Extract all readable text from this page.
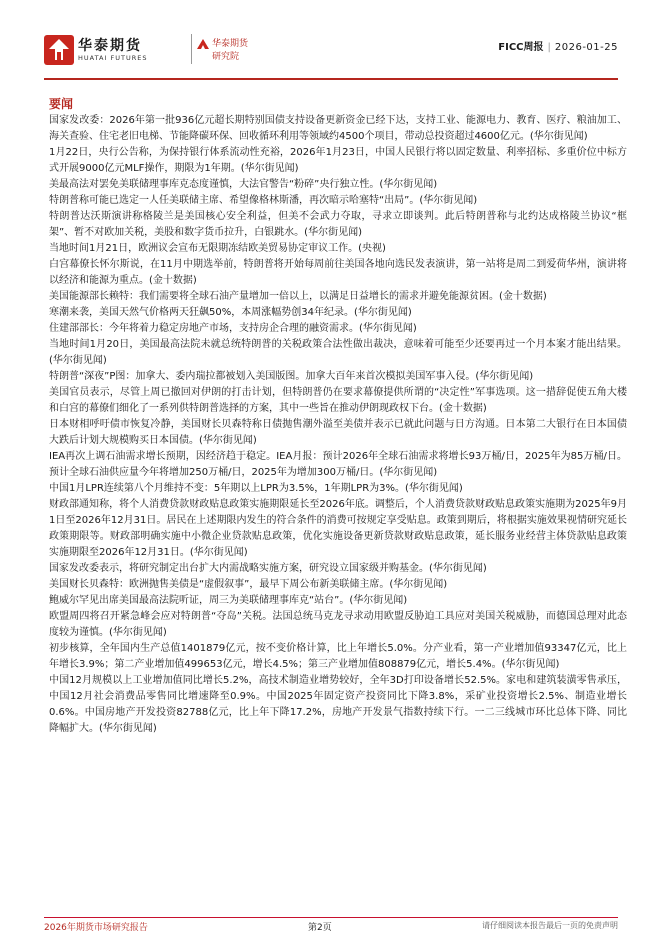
华泰期货
HUATAI FUTURES
华泰期货
研究院
FICC周报 | 2026-01-25
要闻

国家发改委：2026年第一批936亿元超长期特别国债支持设备更新资金已经下达，支持工业、能源电力、教育、医疗、粮油加工、海关查验、住宅老旧电梯、节能降碳环保、回收循环利用等领域约4500个项目，带动总投资超过4600亿元。(华尔街见闻)

1月22日，央行公告称，为保持银行体系流动性充裕，2026年1月23日，中国人民银行将以固定数量、利率招标、多重价位中标方式开展9000亿元MLF操作，期限为1年期。(华尔街见闻)

美最高法对罢免美联储理事库克态度谨慎，大法官警告“粉碎”央行独立性。(华尔街见闻)

特朗普称可能已选定一人任美联储主席、希望像格林斯潘，再次暗示哈塞特“出局”。(华尔街见闻)

特朗普达沃斯演讲称格陵兰是美国核心安全利益，但美不会武力夺取，寻求立即谈判。此后特朗普称与北约达成格陵兰协议“框架”、暂不对欧加关税，美股和数字货币拉升，白银跳水。(华尔街见闻)

当地时间1月21日，欧洲议会宣布无限期冻结欧美贸易协定审议工作。(央视)

白宫幕僚长怀尔斯说，在11月中期选举前，特朗普将开始每周前往美国各地向选民发表演讲，第一站将是周二到爱荷华州，演讲将以经济和能源为重点。(金十数据)

美国能源部长赖特：我们需要将全球石油产量增加一倍以上，以满足日益增长的需求并避免能源贫困。(金十数据)

寒潮来袭，美国天然气价格两天狂飙50%，本周涨幅势创34年纪录。(华尔街见闻)

住建部部长：今年将着力稳定房地产市场，支持房企合理的融资需求。(华尔街见闻)

当地时间1月20日，美国最高法院未就总统特朗普的关税政策合法性做出裁决，意味着可能至少还要再过一个月本案才能出结果。(华尔街见闻)

特朗普“深夜”P图：加拿大、委内瑞拉都被划入美国版图。加拿大百年来首次模拟美国军事入侵。(华尔街见闻)

美国官员表示，尽管上周已撤回对伊朗的打击计划，但特朗普仍在要求幕僚提供所谓的“决定性”军事选项。这一措辞促使五角大楼和白宫的幕僚们细化了一系列供特朗普选择的方案，其中一些旨在推动伊朗现政权下台。(金十数据)

日本财相呼吁债市恢复冷静，美国财长贝森特称日债抛售潮外溢至美债并表示已就此问题与日方沟通。日本第二大银行在日本国债大跌后计划大规模购买日本国债。(华尔街见闻)

IEA再次上调石油需求增长预期，因经济趋于稳定。IEA月报：预计2026年全球石油需求将增长93万桶/日，2025年为85万桶/日。预计全球石油供应量今年将增加250万桶/日，2025年为增加300万桶/日。(华尔街见闻)

中国1月LPR连续第八个月维持不变：5年期以上LPR为3.5%，1年期LPR为3%。(华尔街见闻)

财政部通知称，将个人消费贷款财政贴息政策实施期限延长至2026年底。调整后，个人消费贷款财政贴息政策实施期为2025年9月1日至2026年12月31日。居民在上述期限内发生的符合条件的消费可按规定享受贴息。政策到期后，将根据实施效果视情研究延长政策期限等。财政部明确实施中小微企业贷款贴息政策，优化实施设备更新贷款财政贴息政策，延长服务业经营主体贷款贴息政策实施期限至2026年12月31日。(华尔街见闻)

国家发改委表示，将研究制定出台扩大内需战略实施方案，研究设立国家级并购基金。(华尔街见闻)

美国财长贝森特：欧洲抛售美债是“虚假叙事”，最早下周公布新美联储主席。(华尔街见闻)

鲍威尔罕见出席美国最高法院听证，周三为美联储理事库克“站台”。(华尔街见闻)

欧盟周四将召开紧急峰会应对特朗普“夺岛”关税。法国总统马克龙寻求动用欧盟反胁迫工具应对美国关税威胁，而德国总理对此态度较为谨慎。(华尔街见闻)

初步核算，全年国内生产总值1401879亿元，按不变价格计算，比上年增长5.0%。分产业看，第一产业增加值93347亿元，比上年增长3.9%；第二产业增加值499653亿元，增长4.5%；第三产业增加值808879亿元，增长5.4%。(华尔街见闻)

中国12月规模以上工业增加值同比增长5.2%，高技术制造业增势较好，全年3D打印设备增长52.5%。家电和建筑装潢零售承压，中国12月社会消费品零售同比增速降至0.9%。中国2025年固定资产投资同比下降3.8%，采矿业投资增长2.5%、制造业增长0.6%。中国房地产开发投资82788亿元，比上年下降17.2%，房地产开发景气指数持续下行。一二三线城市环比总体下降、同比降幅扩大。(华尔街见闻)

2026年期货市场研究报告	第2页	请仔细阅读本报告最后一页的免责声明
